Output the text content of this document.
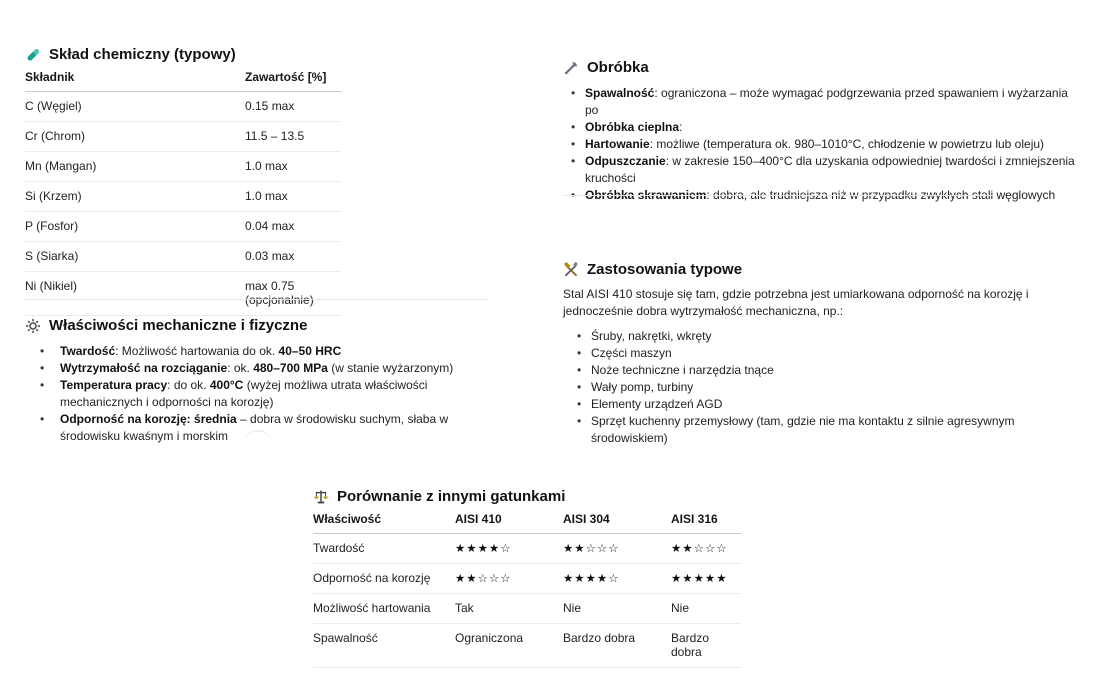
Skład chemiczny (typowy)
Składnik	Zawartość [%]
C (Węgiel)	0.15 max
Cr (Chrom)	11.5 – 13.5
Mn (Mangan)	1.0 max
Si (Krzem)	1.0 max
P (Fosfor)	0.04 max
S (Siarka)	0.03 max
Ni (Nikiel)	max 0.75 (opcjonalnie)
Właściwości mechaniczne i fizyczne
• Twardość: Możliwość hartowania do ok. 40–50 HRC
• Wytrzymałość na rozciąganie: ok. 480–700 MPa (w stanie wyżarzonym)
• Temperatura pracy: do ok. 400°C (wyżej możliwa utrata właściwości mechanicznych i odporności na korozję)
• Odporność na korozję: średnia – dobra w środowisku suchym, słaba w środowisku kwaśnym i morskim
Obróbka
• Spawalność: ograniczona – może wymagać podgrzewania przed spawaniem i wyżarzania po
• Obróbka cieplna:
• Hartowanie: możliwe (temperatura ok. 980–1010°C, chłodzenie w powietrzu lub oleju)
• Odpuszczanie: w zakresie 150–400°C dla uzyskania odpowiedniej twardości i zmniejszenia kruchości
• Obróbka skrawaniem: dobra, ale trudniejsza niż w przypadku zwykłych stali węglowych
Zastosowania typowe

Stal AISI 410 stosuje się tam, gdzie potrzebna jest umiarkowana odporność na korozję i jednocześnie dobra wytrzymałość mechaniczna, np.:

• Śruby, nakrętki, wkręty
• Części maszyn
• Noże techniczne i narzędzia tnące
• Wały pomp, turbiny
• Elementy urządzeń AGD
• Sprzęt kuchenny przemysłowy (tam, gdzie nie ma kontaktu z silnie agresywnym środowiskiem)
Porównanie z innymi gatunkami
Właściwość	AISI 410	AISI 304	AISI 316
Twardość	★★★★☆	★★☆☆☆	★★☆☆☆
Odporność na korozję	★★☆☆☆	★★★★☆	★★★★★
Możliwość hartowania	Tak	Nie	Nie
Spawalność	Ograniczona	Bardzo dobra	Bardzo dobra
